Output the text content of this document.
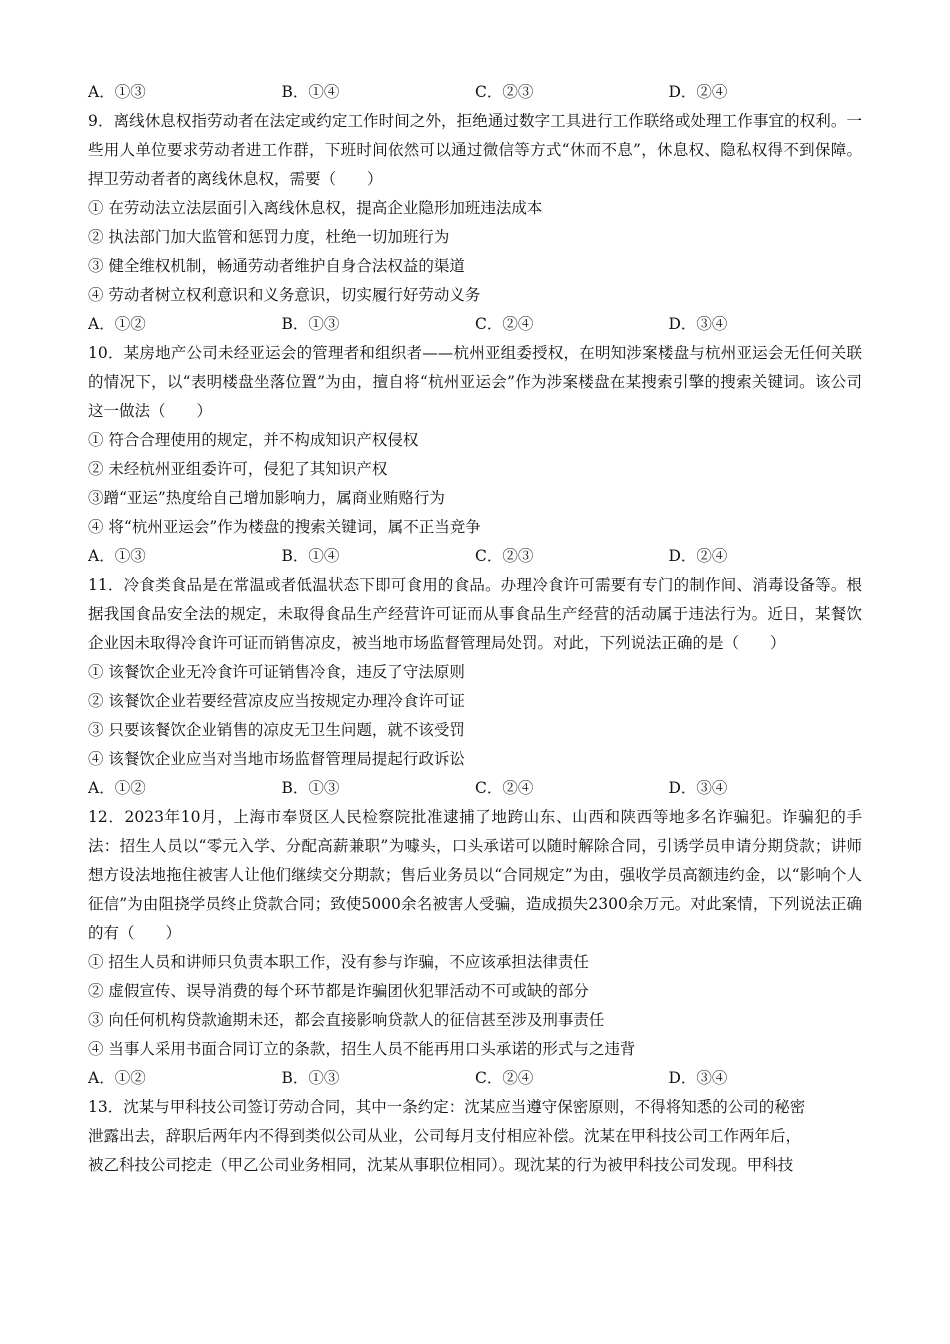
A．①③	B．①④	C．②③	D．②④
9．离线休息权指劳动者在法定或约定工作时间之外，拒绝通过数字工具进行工作联络或处理工作事宜的权利。一些用人单位要求劳动者进工作群，下班时间依然可以通过微信等方式“休而不息”，休息权、隐私权得不到保障。捍卫劳动者者的离线休息权，需要（　　）
① 在劳动法立法层面引入离线休息权，提高企业隐形加班违法成本
② 执法部门加大监管和惩罚力度，杜绝一切加班行为
③ 健全维权机制，畅通劳动者维护自身合法权益的渠道
④ 劳动者树立权利意识和义务意识，切实履行好劳动义务
A．①②	B．①③	C．②④	D．③④
10．某房地产公司未经亚运会的管理者和组织者——杭州亚组委授权，在明知涉案楼盘与杭州亚运会无任何关联的情况下，以“表明楼盘坐落位置”为由，擅自将“杭州亚运会”作为涉案楼盘在某搜索引擎的搜索关键词。该公司这一做法（　　）
① 符合合理使用的规定，并不构成知识产权侵权
② 未经杭州亚组委许可，侵犯了其知识产权
③蹭“亚运”热度给自己增加影响力，属商业贿赂行为
④ 将“杭州亚运会”作为楼盘的搜索关键词，属不正当竞争
A．①③	B．①④	C．②③	D．②④
11．冷食类食品是在常温或者低温状态下即可食用的食品。办理冷食许可需要有专门的制作间、消毒设备等。根据我国食品安全法的规定，未取得食品生产经营许可证而从事食品生产经营的活动属于违法行为。近日，某餐饮企业因未取得冷食许可证而销售凉皮，被当地市场监督管理局处罚。对此，下列说法正确的是（　　）
① 该餐饮企业无冷食许可证销售冷食，违反了守法原则
② 该餐饮企业若要经营凉皮应当按规定办理冷食许可证
③ 只要该餐饮企业销售的凉皮无卫生问题，就不该受罚
④ 该餐饮企业应当对当地市场监督管理局提起行政诉讼
A．①②	B．①③	C．②④	D．③④
12．2023年10月，上海市奉贤区人民检察院批准逮捕了地跨山东、山西和陕西等地多名诈骗犯。诈骗犯的手法：招生人员以“零元入学、分配高薪兼职”为噱头，口头承诺可以随时解除合同，引诱学员申请分期贷款；讲师想方设法地拖住被害人让他们继续交分期款；售后业务员以“合同规定”为由，强收学员高额违约金，以“影响个人征信”为由阻挠学员终止贷款合同；致使5000余名被害人受骗，造成损失2300余万元。对此案情，下列说法正确的有（　　）
① 招生人员和讲师只负责本职工作，没有参与诈骗，不应该承担法律责任
② 虚假宣传、误导消费的每个环节都是诈骗团伙犯罪活动不可或缺的部分
③ 向任何机构贷款逾期未还，都会直接影响贷款人的征信甚至涉及刑事责任
④ 当事人采用书面合同订立的条款，招生人员不能再用口头承诺的形式与之违背
A．①②	B．①③	C．②④	D．③④
13．沈某与甲科技公司签订劳动合同，其中一条约定：沈某应当遵守保密原则，不得将知悉的公司的秘密
泄露出去，辞职后两年内不得到类似公司从业，公司每月支付相应补偿。沈某在甲科技公司工作两年后，
被乙科技公司挖走（甲乙公司业务相同，沈某从事职位相同）。现沈某的行为被甲科技公司发现。甲科技
